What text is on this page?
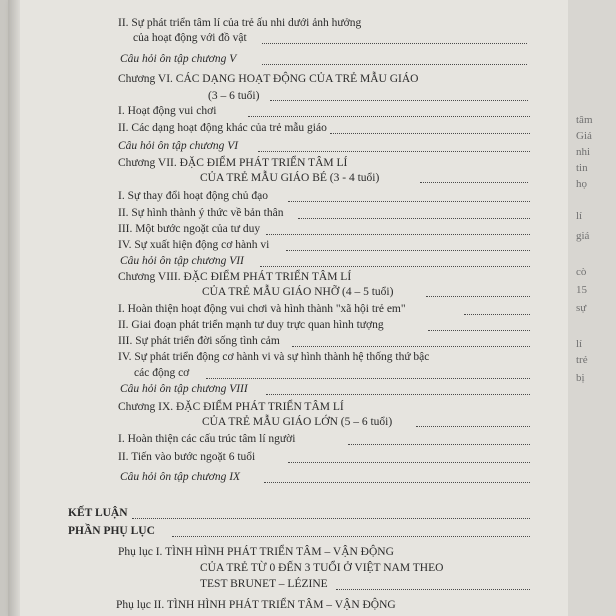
II. Sự phát triển tâm lí của trẻ ấu nhi dưới ảnh hưởng
của hoạt động với đồ vật
Câu hỏi ôn tập chương V
Chương VI. CÁC DẠNG HOẠT ĐỘNG CỦA TRẺ MẪU GIÁO
(3 – 6 tuổi)
I. Hoạt động vui chơi
II. Các dạng hoạt động khác của trẻ mẫu giáo
Câu hỏi ôn tập chương VI
Chương VII. ĐẶC ĐIỂM PHÁT TRIỂN TÂM LÍ
CỦA TRẺ MẪU GIÁO BÉ (3 - 4 tuổi)
I. Sự thay đổi hoạt động chủ đạo
II. Sự hình thành ý thức về bản thân
III. Một bước ngoặt của tư duy
IV. Sự xuất hiện động cơ hành vi
Câu hỏi ôn tập chương VII
Chương VIII. ĐẶC ĐIỂM PHÁT TRIỂN TÂM LÍ
CỦA TRẺ MẪU GIÁO NHỠ (4 – 5 tuổi)
I. Hoàn thiện hoạt động vui chơi và hình thành "xã hội trẻ em"
II. Giai đoạn phát triển mạnh tư duy trực quan hình tượng
III. Sự phát triển đời sống tình cảm
IV. Sự phát triển động cơ hành vi và sự hình thành hệ thống thứ bậc
các động cơ
Câu hỏi ôn tập chương VIII
Chương IX. ĐẶC ĐIỂM PHÁT TRIỂN TÂM LÍ
CỦA TRẺ MẪU GIÁO LỚN (5 – 6 tuổi)
I. Hoàn thiện các cấu trúc tâm lí người
II. Tiến vào bước ngoặt 6 tuổi
Câu hỏi ôn tập chương IX
KẾT LUẬN
PHẦN PHỤ LỤC
Phụ lục I. TÌNH HÌNH PHÁT TRIỂN TÂM – VẬN ĐỘNG
CỦA TRẺ TỪ 0 ĐẾN 3 TUỔI Ở VIỆT NAM THEO
TEST BRUNET – LÉZINE
Phụ lục II. TÌNH HÌNH PHÁT TRIỂN TÂM – VẬN ĐỘNG
tâm
Giá
nhi
tin
họ
lí
giá
cò
15
sự
lí
trẻ
bị
